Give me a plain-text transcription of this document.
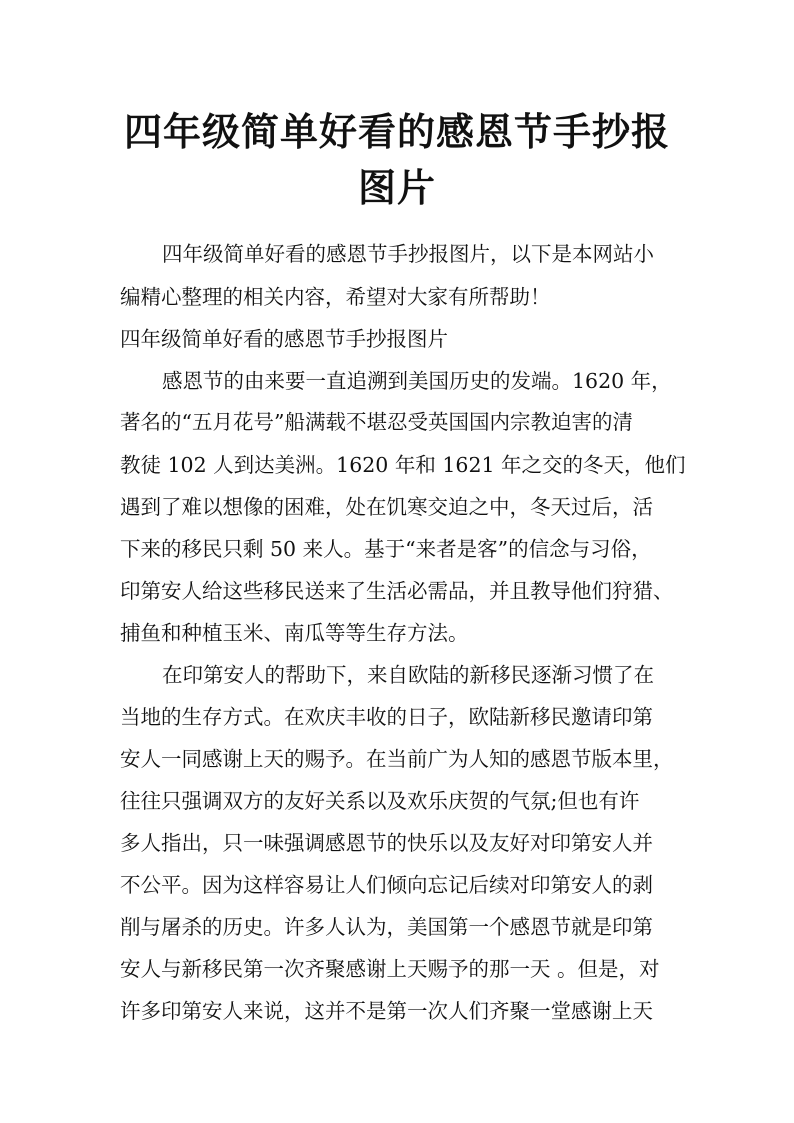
四年级简单好看的感恩节手抄报图片

四年级简单好看的感恩节手抄报图片，以下是本网站小

编精心整理的相关内容，希望对大家有所帮助！

四年级简单好看的感恩节手抄报图片

感恩节的由来要一直追溯到美国历史的发端。1620 年，

著名的“五月花号”船满载不堪忍受英国国内宗教迫害的清

教徒 102 人到达美洲。1620 年和 1621 年之交的冬天，他们

遇到了难以想像的困难，处在饥寒交迫之中，冬天过后，活

下来的移民只剩 50 来人。基于“来者是客”的信念与习俗，

印第安人给这些移民送来了生活必需品，并且教导他们狩猎、

捕鱼和种植玉米、南瓜等等生存方法。

在印第安人的帮助下，来自欧陆的新移民逐渐习惯了在

当地的生存方式。在欢庆丰收的日子，欧陆新移民邀请印第

安人一同感谢上天的赐予。在当前广为人知的感恩节版本里，

往往只强调双方的友好关系以及欢乐庆贺的气氛;但也有许

多人指出，只一味强调感恩节的快乐以及友好对印第安人并

不公平。因为这样容易让人们倾向忘记后续对印第安人的剥

削与屠杀的历史。许多人认为，美国第一个感恩节就是印第

安人与新移民第一次齐聚感谢上天赐予的那一天 。但是，对

许多印第安人来说，这并不是第一次人们齐聚一堂感谢上天
